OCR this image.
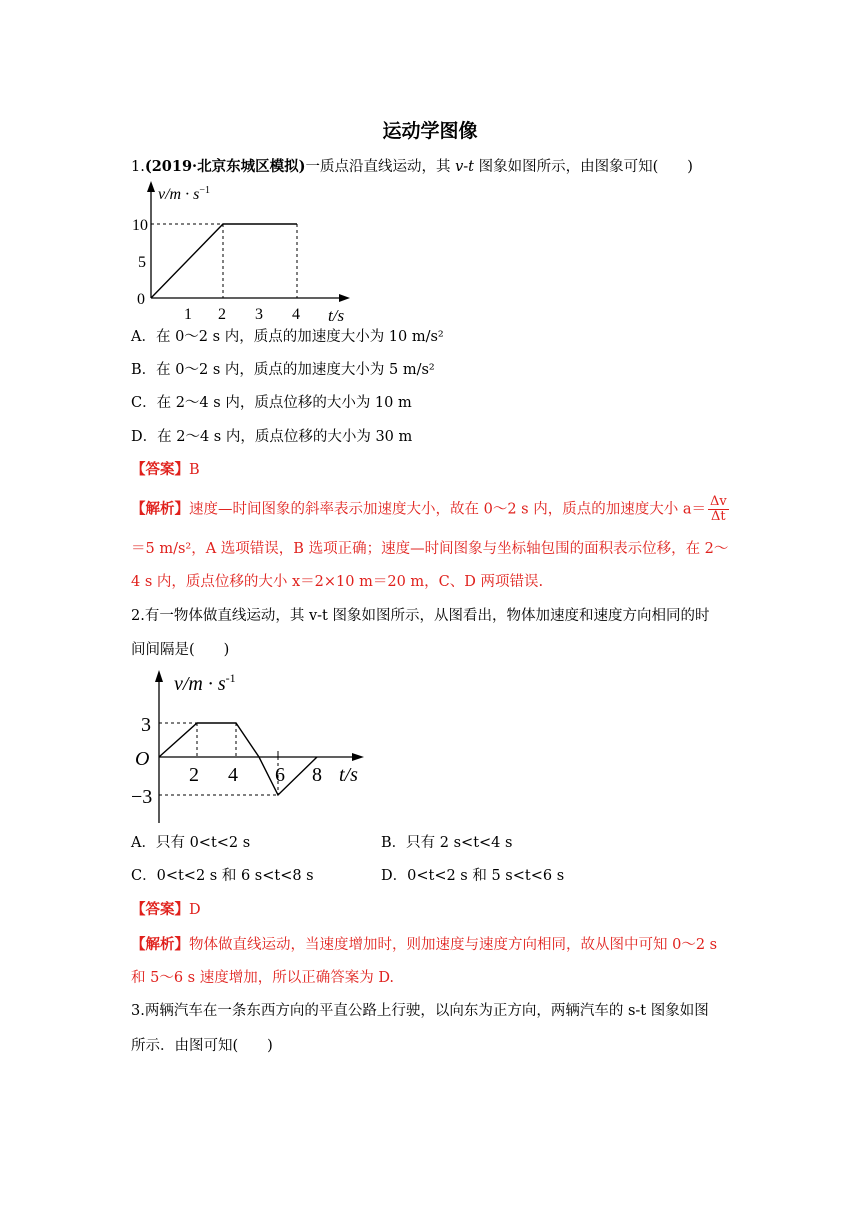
运动学图像
1.(2019·北京东城区模拟)一质点沿直线运动，其 v-t 图象如图所示，由图象可知(　　)
$v/m \cdot s^{-1}$
10
5
0
1 2 3 4 t/s
A．在 0～2 s 内，质点的加速度大小为 10 m/s²
B．在 0～2 s 内，质点的加速度大小为 5 m/s²
C．在 2～4 s 内，质点位移的大小为 10 m
D．在 2～4 s 内，质点位移的大小为 30 m
【答案】B
【解析】速度—时间图象的斜率表示加速度大小，故在 0～2 s 内，质点的加速度大小 $a= \frac{\Delta v}{\Delta t}$
＝5 m/s²，A 选项错误，B 选项正确；速度—时间图象与坐标轴包围的面积表示位移，在 2～
4 s 内，质点位移的大小 x＝2×10 m＝20 m，C、D 两项错误.
2.有一物体做直线运动，其 v-t 图象如图所示，从图看出，物体加速度和速度方向相同的时
间间隔是(　　)
$v/m \cdot s^{-1}$
3
O
−3
2 4 6 8 t/s
A．只有 0<t<2 s	B．只有 2 s<t<4 s
C．0<t<2 s 和 6 s<t<8 s	D．0<t<2 s 和 5 s<t<6 s
【答案】D
【解析】物体做直线运动，当速度增加时，则加速度与速度方向相同，故从图中可知 0～2 s
和 5～6 s 速度增加，所以正确答案为 D.
3.两辆汽车在一条东西方向的平直公路上行驶，以向东为正方向，两辆汽车的 s-t 图象如图
所示．由图可知(　　)
